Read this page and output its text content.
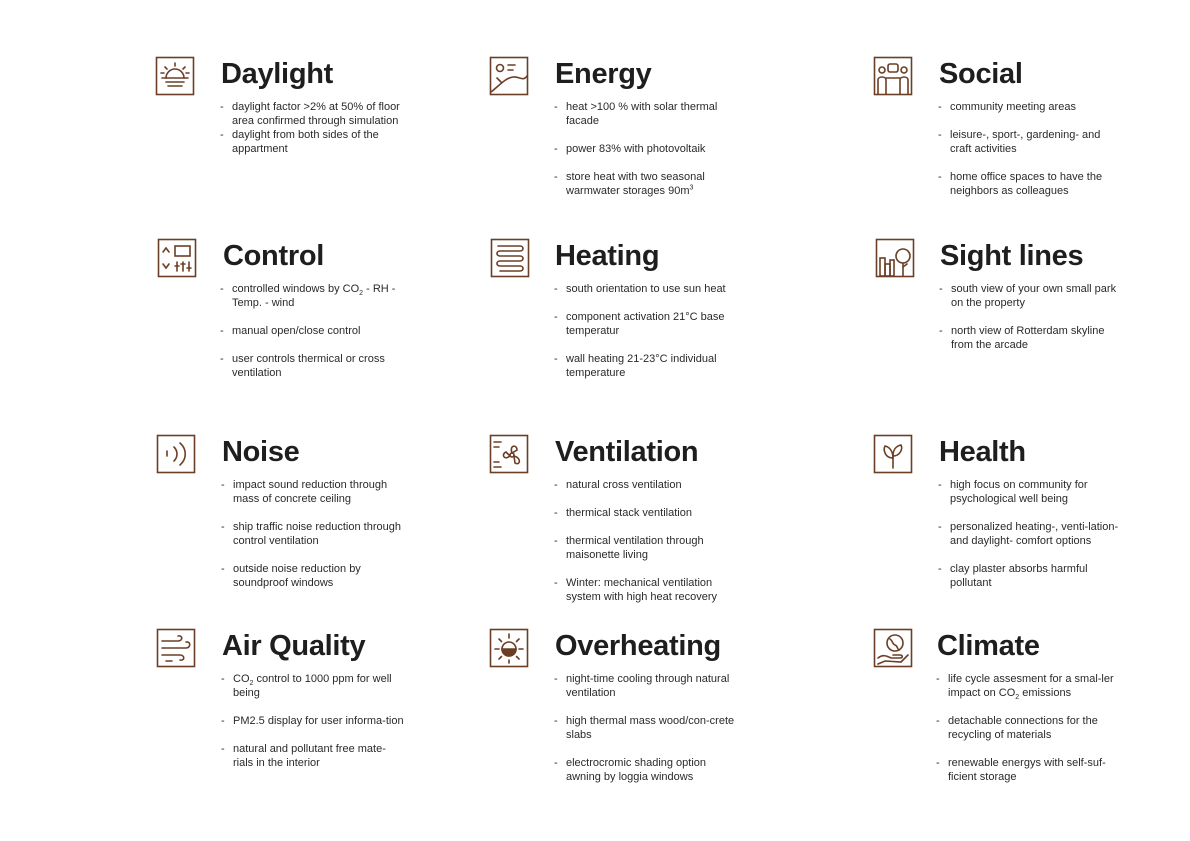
Daylight
- daylight factor >2% at 50% of floor area confirmed through simulation
- daylight from both sides of the appartment
Energy
- heat >100 % with solar thermal facade
- power 83% with photovoltaik
- store heat with two seasonal warmwater storages $90m^3$
Social
- community meeting areas
- leisure-, sport-, gardening- and craft activities
- home office spaces to have the neighbors as colleagues
Control
- controlled windows by $CO_2$ - RH - Temp. - wind
- manual open/close control
- user controls thermical or cross ventilation
Heating
- south orientation to use sun heat
- component activation 21°C base temperatur
- wall heating 21-23°C individual temperature
Sight lines
- south view of your own small park on the property
- north view of Rotterdam skyline from the arcade
Noise
- impact sound reduction through mass of concrete ceiling
- ship traffic noise reduction through control ventilation
- outside noise reduction by soundproof windows
Ventilation
- natural cross ventilation
- thermical stack ventilation
- thermical ventilation through maisonette living
- Winter: mechanical ventilation system with high heat recovery
Health
- high focus on community for psychological well being
- personalized heating-, venti-lation- and daylight- comfort options
- clay plaster absorbs harmful pollutant
Air Quality
- $CO_2$ control to 1000 ppm for well being
- PM2.5 display for user informa-tion
- natural and pollutant free mate-rials in the interior
Overheating
- night-time cooling through natural ventilation
- high thermal mass wood/con-crete slabs
- electrocromic shading option awning by loggia windows
Climate
- life cycle assesment for a smal-ler impact on $CO_2$ emissions
- detachable connections for the recycling of materials
- renewable energys with self-suf-ficient storage
